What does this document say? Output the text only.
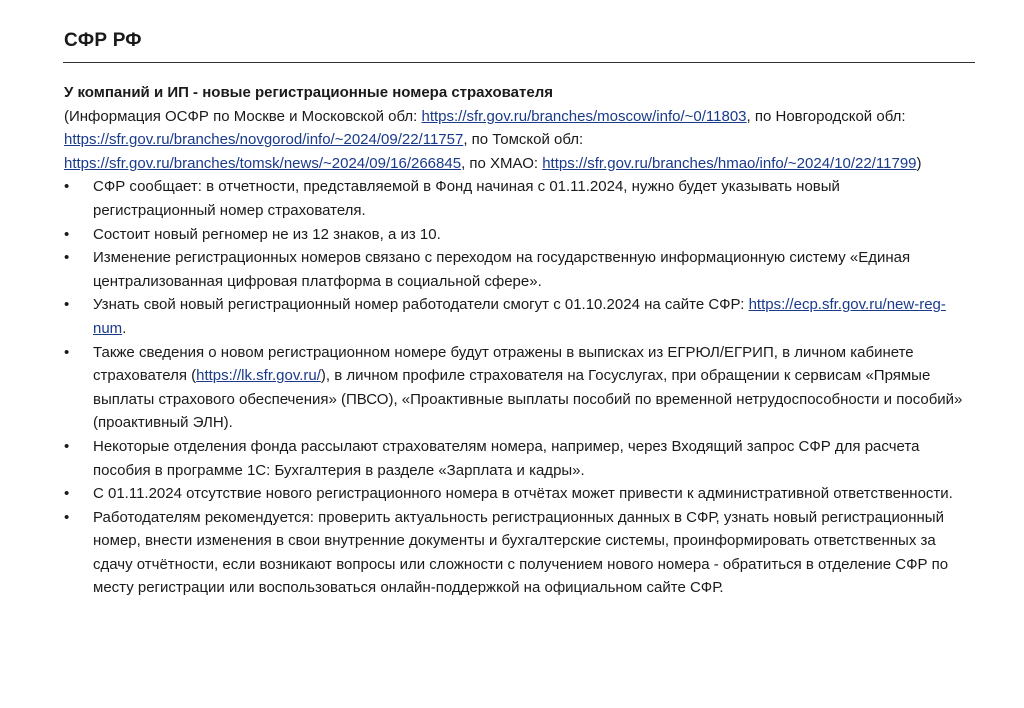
СФР РФ
У компаний и ИП - новые регистрационные номера страхователя

(Информация ОСФР по Москве и Московской обл: https://sfr.gov.ru/branches/moscow/info/~0/11803, по Новгородской обл: https://sfr.gov.ru/branches/novgorod/info/~2024/09/22/11757, по Томской обл: https://sfr.gov.ru/branches/tomsk/news/~2024/09/16/266845, по ХМАО: https://sfr.gov.ru/branches/hmao/info/~2024/10/22/11799)

•	СФР сообщает: в отчетности, представляемой в Фонд начиная с 01.11.2024, нужно будет указывать новый регистрационный номер страхователя.
•	Состоит новый регномер не из 12 знаков, а из 10.
•	Изменение регистрационных номеров связано с переходом на государственную информационную систему «Единая централизованная цифровая платформа в социальной сфере».
•	Узнать свой новый регистрационный номер работодатели смогут с 01.10.2024 на сайте СФР: https://ecp.sfr.gov.ru/new-reg-num.
•	Также сведения о новом регистрационном номере будут отражены в выписках из ЕГРЮЛ/ЕГРИП, в личном кабинете страхователя (https://lk.sfr.gov.ru/), в личном профиле страхователя на Госуслугах, при обращении к сервисам «Прямые выплаты страхового обеспечения» (ПВСО), «Проактивные выплаты пособий по временной нетрудоспособности и пособий» (проактивный ЭЛН).
•	Некоторые отделения фонда рассылают страхователям номера, например, через Входящий запрос СФР для расчета пособия в программе 1С: Бухгалтерия в разделе «Зарплата и кадры».
•	С 01.11.2024 отсутствие нового регистрационного номера в отчётах может привести к административной ответственности.
•	Работодателям рекомендуется: проверить актуальность регистрационных данных в СФР, узнать новый регистрационный номер, внести изменения в свои внутренние документы и бухгалтерские системы, проинформировать ответственных за сдачу отчётности, если возникают вопросы или сложности с получением нового номера - обратиться в отделение СФР по месту регистрации или воспользоваться онлайн-поддержкой на официальном сайте СФР.
